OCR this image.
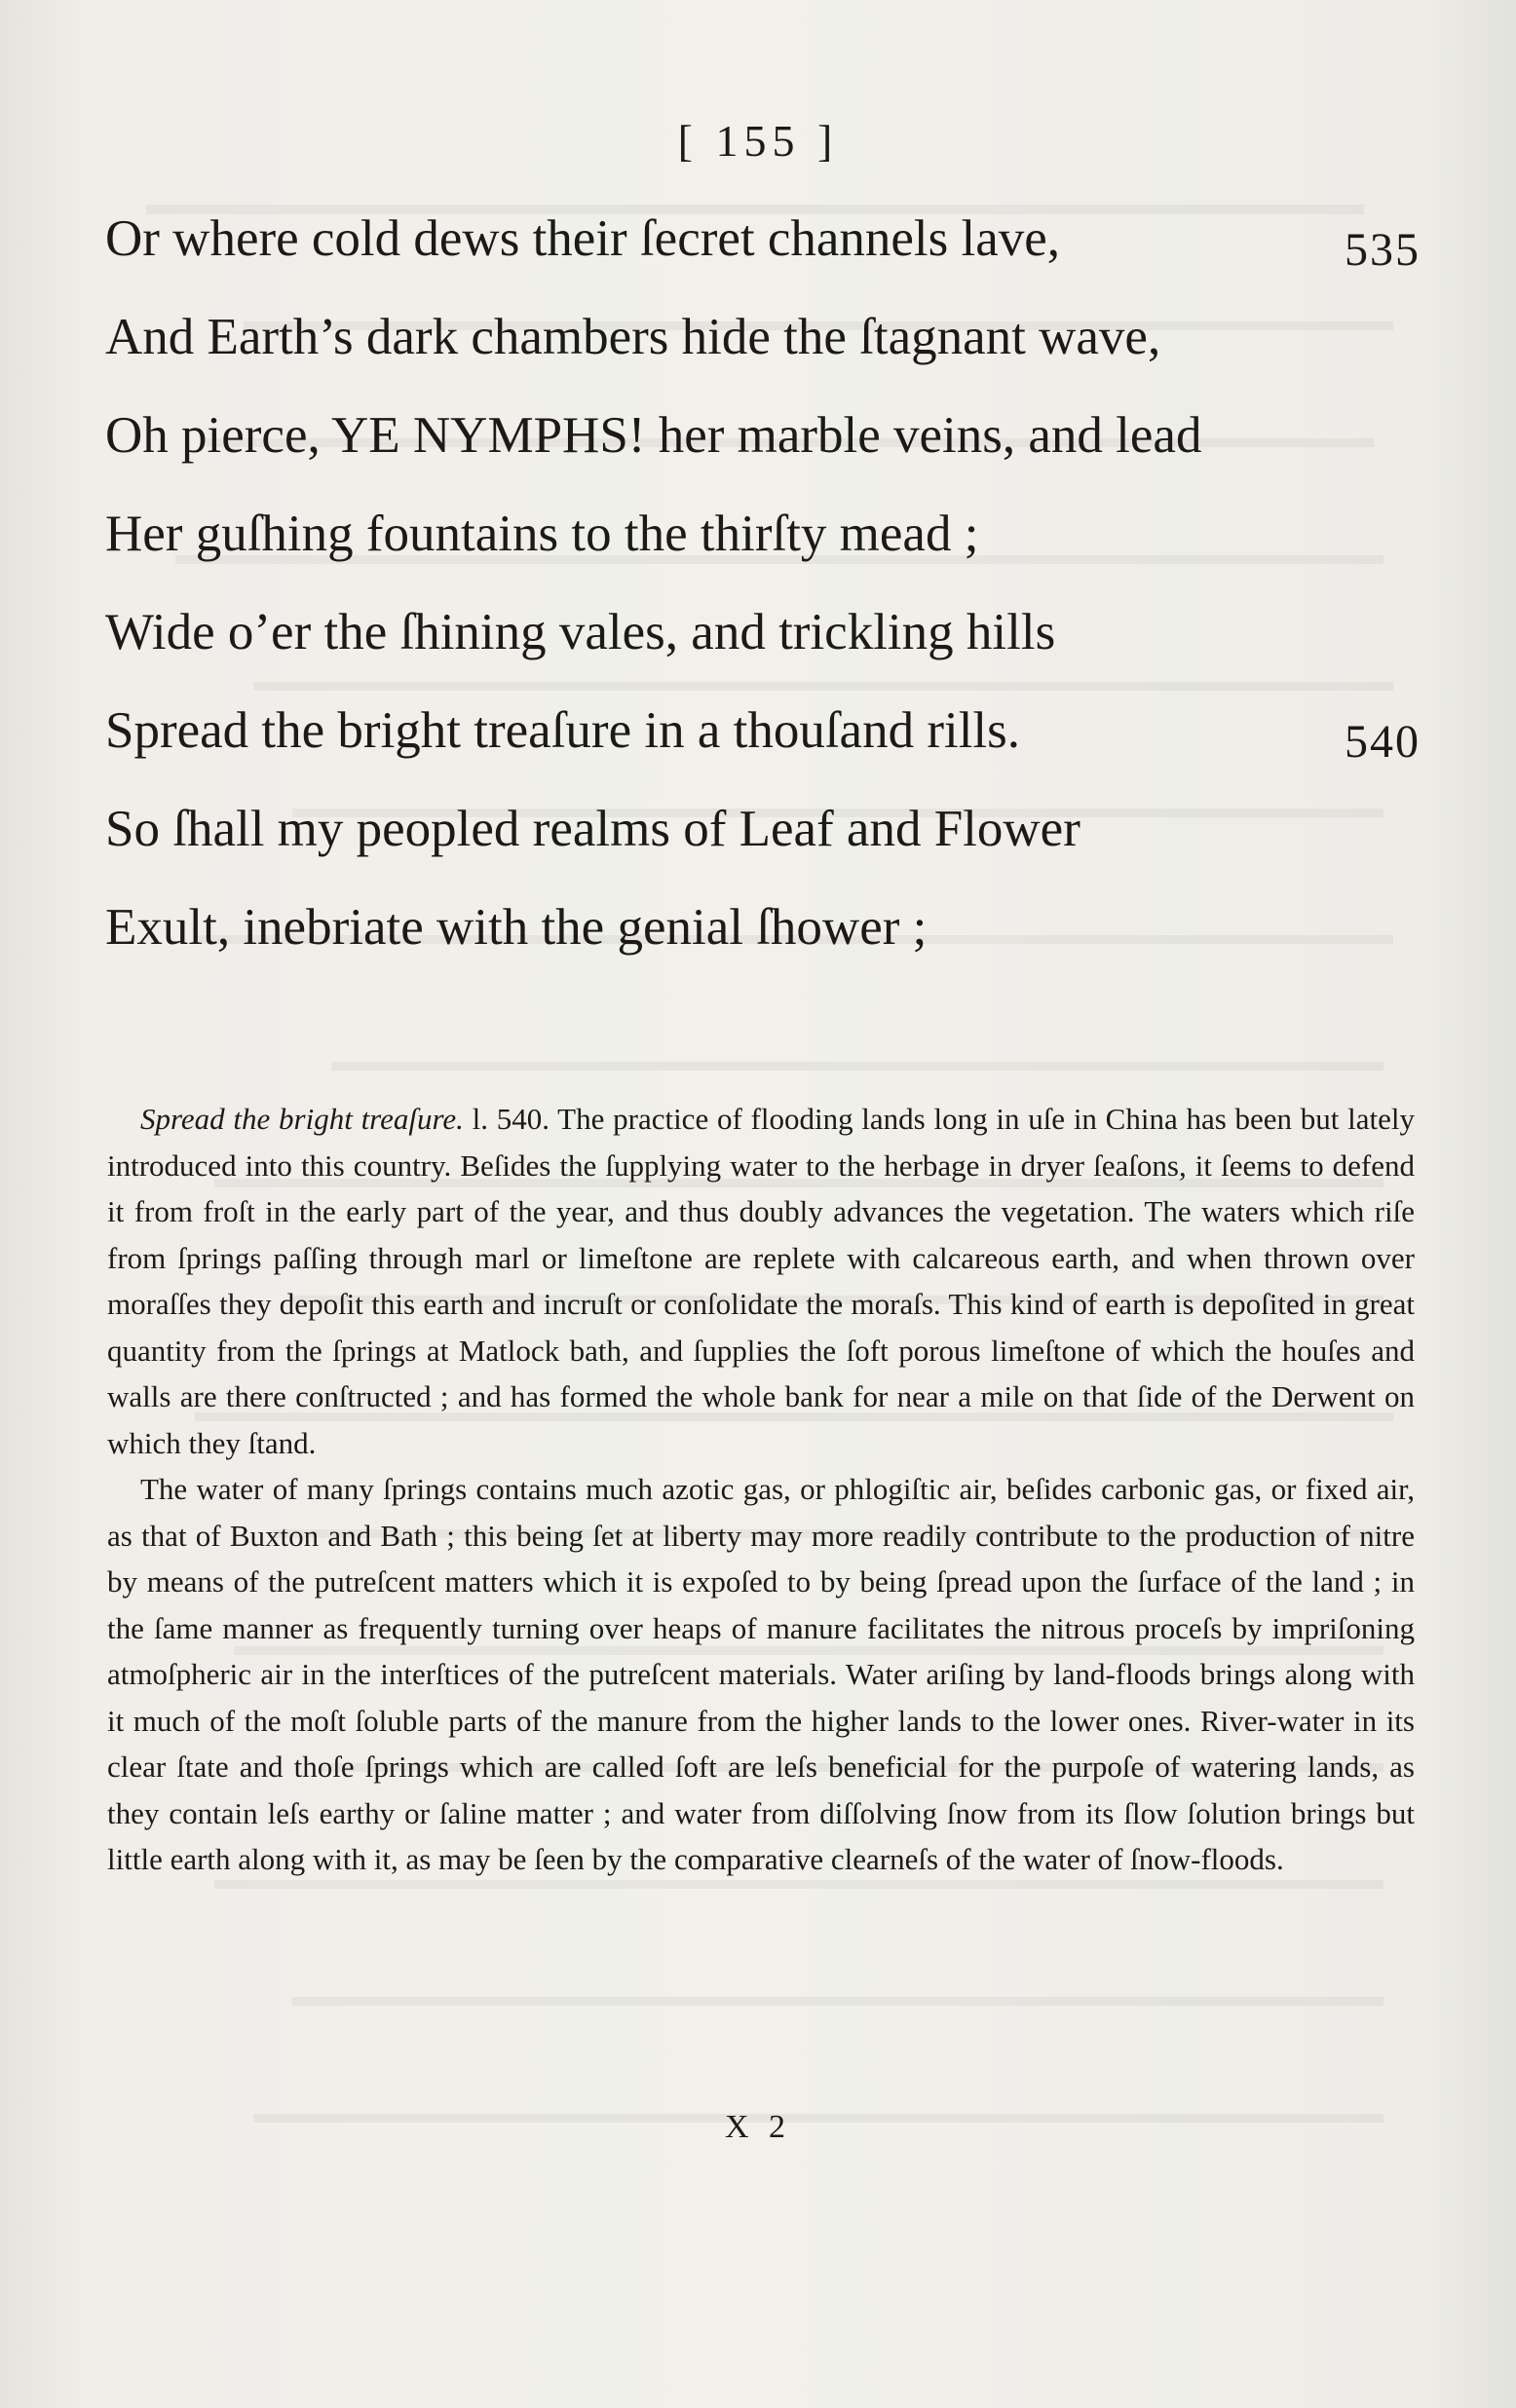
[ 155 ]
Or where cold dews their ſecret channels lave,	535
And Earth’s dark chambers hide the ſtagnant wave,
Oh pierce, YE NYMPHS! her marble veins, and lead
Her guſhing fountains to the thirſty mead ;
Wide o’er the ſhining vales, and trickling hills
Spread the bright treaſure in a thouſand rills.	540
So ſhall my peopled realms of Leaf and Flower
Exult, inebriate with the genial ſhower ;

Spread the bright treaſure. l. 540. The practice of flooding lands long in uſe in China has been but lately introduced into this country. Beſides the ſupplying water to the herbage in dryer ſeaſons, it ſeems to defend it from froſt in the early part of the year, and thus doubly advances the vegetation. The waters which riſe from ſprings paſſing through marl or limeſtone are replete with calcareous earth, and when thrown over moraſſes they depoſit this earth and incruſt or conſolidate the moraſs. This kind of earth is depoſited in great quantity from the ſprings at Matlock bath, and ſupplies the ſoft porous limeſtone of which the houſes and walls are there conſtructed ; and has formed the whole bank for near a mile on that ſide of the Derwent on which they ſtand.

The water of many ſprings contains much azotic gas, or phlogiſtic air, beſides carbonic gas, or fixed air, as that of Buxton and Bath ; this being ſet at liberty may more readily contribute to the production of nitre by means of the putreſcent matters which it is expoſed to by being ſpread upon the ſurface of the land ; in the ſame manner as frequently turning over heaps of manure facilitates the nitrous proceſs by impriſoning atmoſpheric air in the interſtices of the putreſcent materials. Water ariſing by land-floods brings along with it much of the moſt ſoluble parts of the manure from the higher lands to the lower ones. River-water in its clear ſtate and thoſe ſprings which are called ſoft are leſs beneficial for the purpoſe of watering lands, as they contain leſs earthy or ſaline matter ; and water from diſſolving ſnow from its ſlow ſolution brings but little earth along with it, as may be ſeen by the comparative clearneſs of the water of ſnow-floods.

X 2
